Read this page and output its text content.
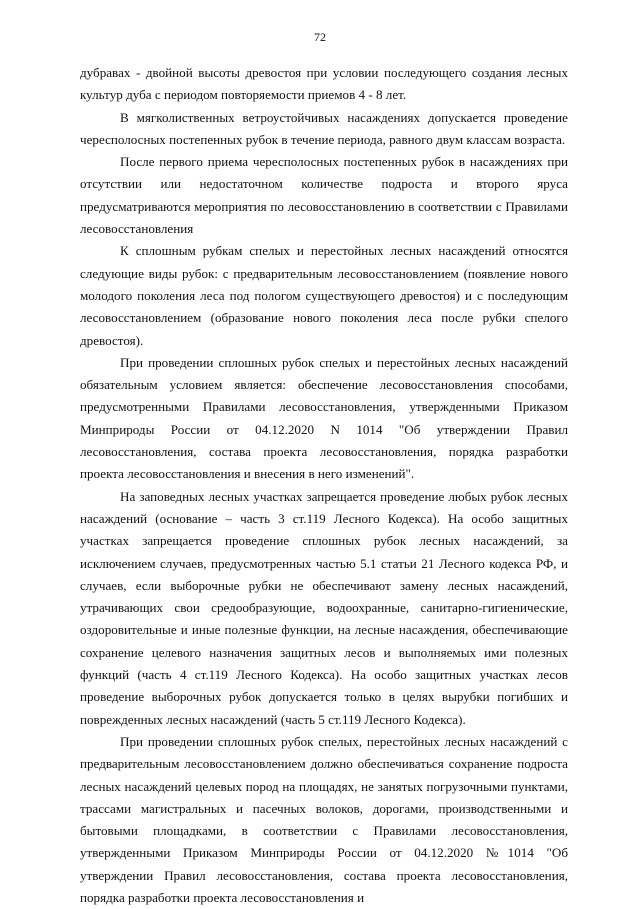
72

дубравах - двойной высоты древостоя при условии последующего создания лесных культур дуба с периодом повторяемости приемов 4 - 8 лет.

В мягколиственных ветроустойчивых насаждениях допускается проведение чересполосных постепенных рубок в течение периода, равного двум классам возраста.

После первого приема чересполосных постепенных рубок в насаждениях при отсутствии или недостаточном количестве подроста и второго яруса предусматриваются мероприятия по лесовосстановлению в соответствии с Правилами лесовосстановления

К сплошным рубкам спелых и перестойных лесных насаждений относятся следующие виды рубок: с предварительным лесовосстановлением (появление нового молодого поколения леса под пологом существующего древостоя) и с последующим лесовосстановлением (образование нового поколения леса после рубки спелого древостоя).

При проведении сплошных рубок спелых и перестойных лесных насаждений обязательным условием является: обеспечение лесовосстановления способами, предусмотренными Правилами лесовосстановления, утвержденными Приказом Минприроды России от 04.12.2020 N 1014 "Об утверждении Правил лесовосстановления, состава проекта лесовосстановления, порядка разработки проекта лесовосстановления и внесения в него изменений".

На заповедных лесных участках запрещается проведение любых рубок лесных насаждений (основание – часть 3 ст.119 Лесного Кодекса). На особо защитных участках запрещается проведение сплошных рубок лесных насаждений, за исключением случаев, предусмотренных частью 5.1 статьи 21 Лесного кодекса РФ, и случаев, если выборочные рубки не обеспечивают замену лесных насаждений, утрачивающих свои средообразующие, водоохранные, санитарно-гигиенические, оздоровительные и иные полезные функции, на лесные насаждения, обеспечивающие сохранение целевого назначения защитных лесов и выполняемых ими полезных функций (часть 4 ст.119 Лесного Кодекса). На особо защитных участках лесов проведение выборочных рубок допускается только в целях вырубки погибших и поврежденных лесных насаждений (часть 5 ст.119 Лесного Кодекса).

При проведении сплошных рубок спелых, перестойных лесных насаждений с предварительным лесовосстановлением должно обеспечиваться сохранение подроста лесных насаждений целевых пород на площадях, не занятых погрузочными пунктами, трассами магистральных и пасечных волоков, дорогами, производственными и бытовыми площадками, в соответствии с Правилами лесовосстановления, утвержденными Приказом Минприроды России от 04.12.2020 №1014 "Об утверждении Правил лесовосстановления, состава проекта лесовосстановления, порядка разработки проекта лесовосстановления и
